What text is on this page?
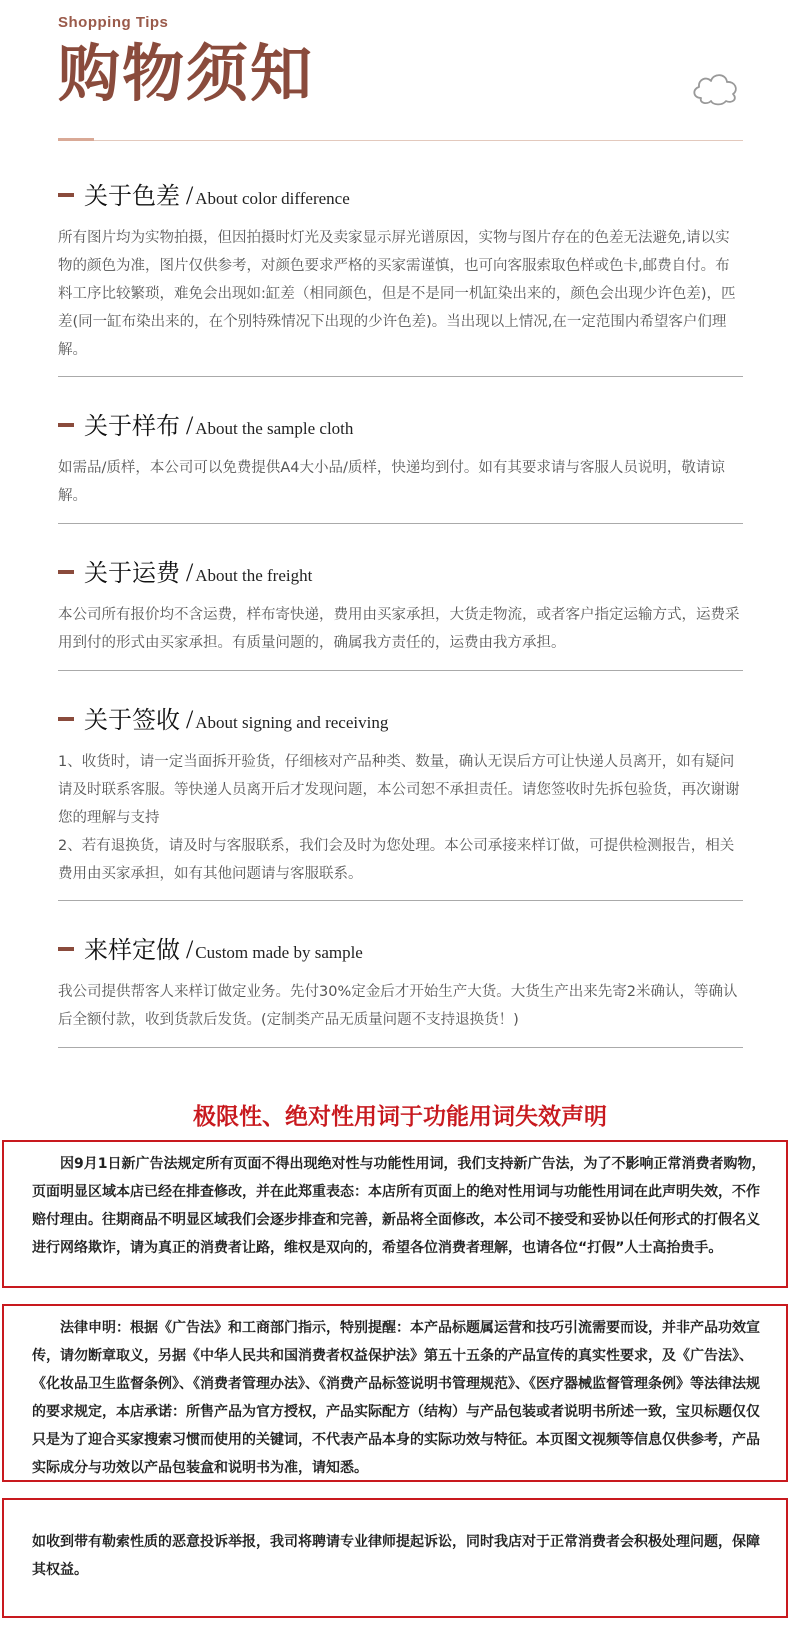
Shopping Tips
购物须知
关于色差 / About color difference

所有图片均为实物拍摄，但因拍摄时灯光及卖家显示屏光谱原因，实物与图片存在的色差无法避免,请以实物的颜色为准，图片仅供参考，对颜色要求严格的买家需谨慎，也可向客服索取色样或色卡,邮费自付。布料工序比较繁琐，难免会出现如:缸差（相同颜色，但是不是同一机缸染出来的，颜色会出现少许色差)，匹差(同一缸布染出来的，在个别特殊情况下出现的少许色差)。当出现以上情况,在一定范围内希望客户们理解。

关于样布 / About the sample cloth

如需品/质样，本公司可以免费提供A4大小品/质样，快递均到付。如有其要求请与客服人员说明，敬请谅解。

关于运费 / About the freight

本公司所有报价均不含运费，样布寄快递，费用由买家承担，大货走物流，或者客户指定运输方式，运费采用到付的形式由买家承担。有质量问题的，确属我方责任的，运费由我方承担。

关于签收 / About signing and receiving

1、收货时，请一定当面拆开验货，仔细核对产品种类、数量，确认无误后方可让快递人员离开，如有疑问请及时联系客服。等快递人员离开后才发现问题，本公司恕不承担责任。请您签收时先拆包验货，再次谢谢您的理解与支持

2、若有退换货，请及时与客服联系，我们会及时为您处理。本公司承接来样订做，可提供检测报告，相关费用由买家承担，如有其他问题请与客服联系。

来样定做 / Custom made by sample

我公司提供帮客人来样订做定业务。先付30%定金后才开始生产大货。大货生产出来先寄2米确认，等确认后全额付款，收到货款后发货。(定制类产品无质量问题不支持退换货！)

极限性、绝对性用词于功能用词失效声明

因9月1日新广告法规定所有页面不得出现绝对性与功能性用词，我们支持新广告法，为了不影响正常消费者购物，页面明显区域本店已经在排查修改，并在此郑重表态：本店所有页面上的绝对性用词与功能性用词在此声明失效，不作赔付理由。往期商品不明显区域我们会逐步排查和完善，新品将全面修改，本公司不接受和妥协以任何形式的打假名义进行网络欺诈，请为真正的消费者让路，维权是双向的，希望各位消费者理解，也请各位“打假”人士高抬贵手。

法律申明：根据《广告法》和工商部门指示，特别提醒：本产品标题属运营和技巧引流需要而设，并非产品功效宣传，请勿断章取义，另据《中华人民共和国消费者权益保护法》第五十五条的产品宣传的真实性要求，及《广告法》、《化妆品卫生监督条例》、《消费者管理办法》、《消费产品标签说明书管理规范》、《医疗器械监督管理条例》等法律法规的要求规定，本店承诺：所售产品为官方授权，产品实际配方（结构）与产品包装或者说明书所述一致，宝贝标题仅仅只是为了迎合买家搜索习惯而使用的关键词，不代表产品本身的实际功效与特征。本页图文视频等信息仅供参考，产品实际成分与功效以产品包装盒和说明书为准，请知悉。

如收到带有勒索性质的恶意投诉举报，我司将聘请专业律师提起诉讼，同时我店对于正常消费者会积极处理问题，保障其权益。
